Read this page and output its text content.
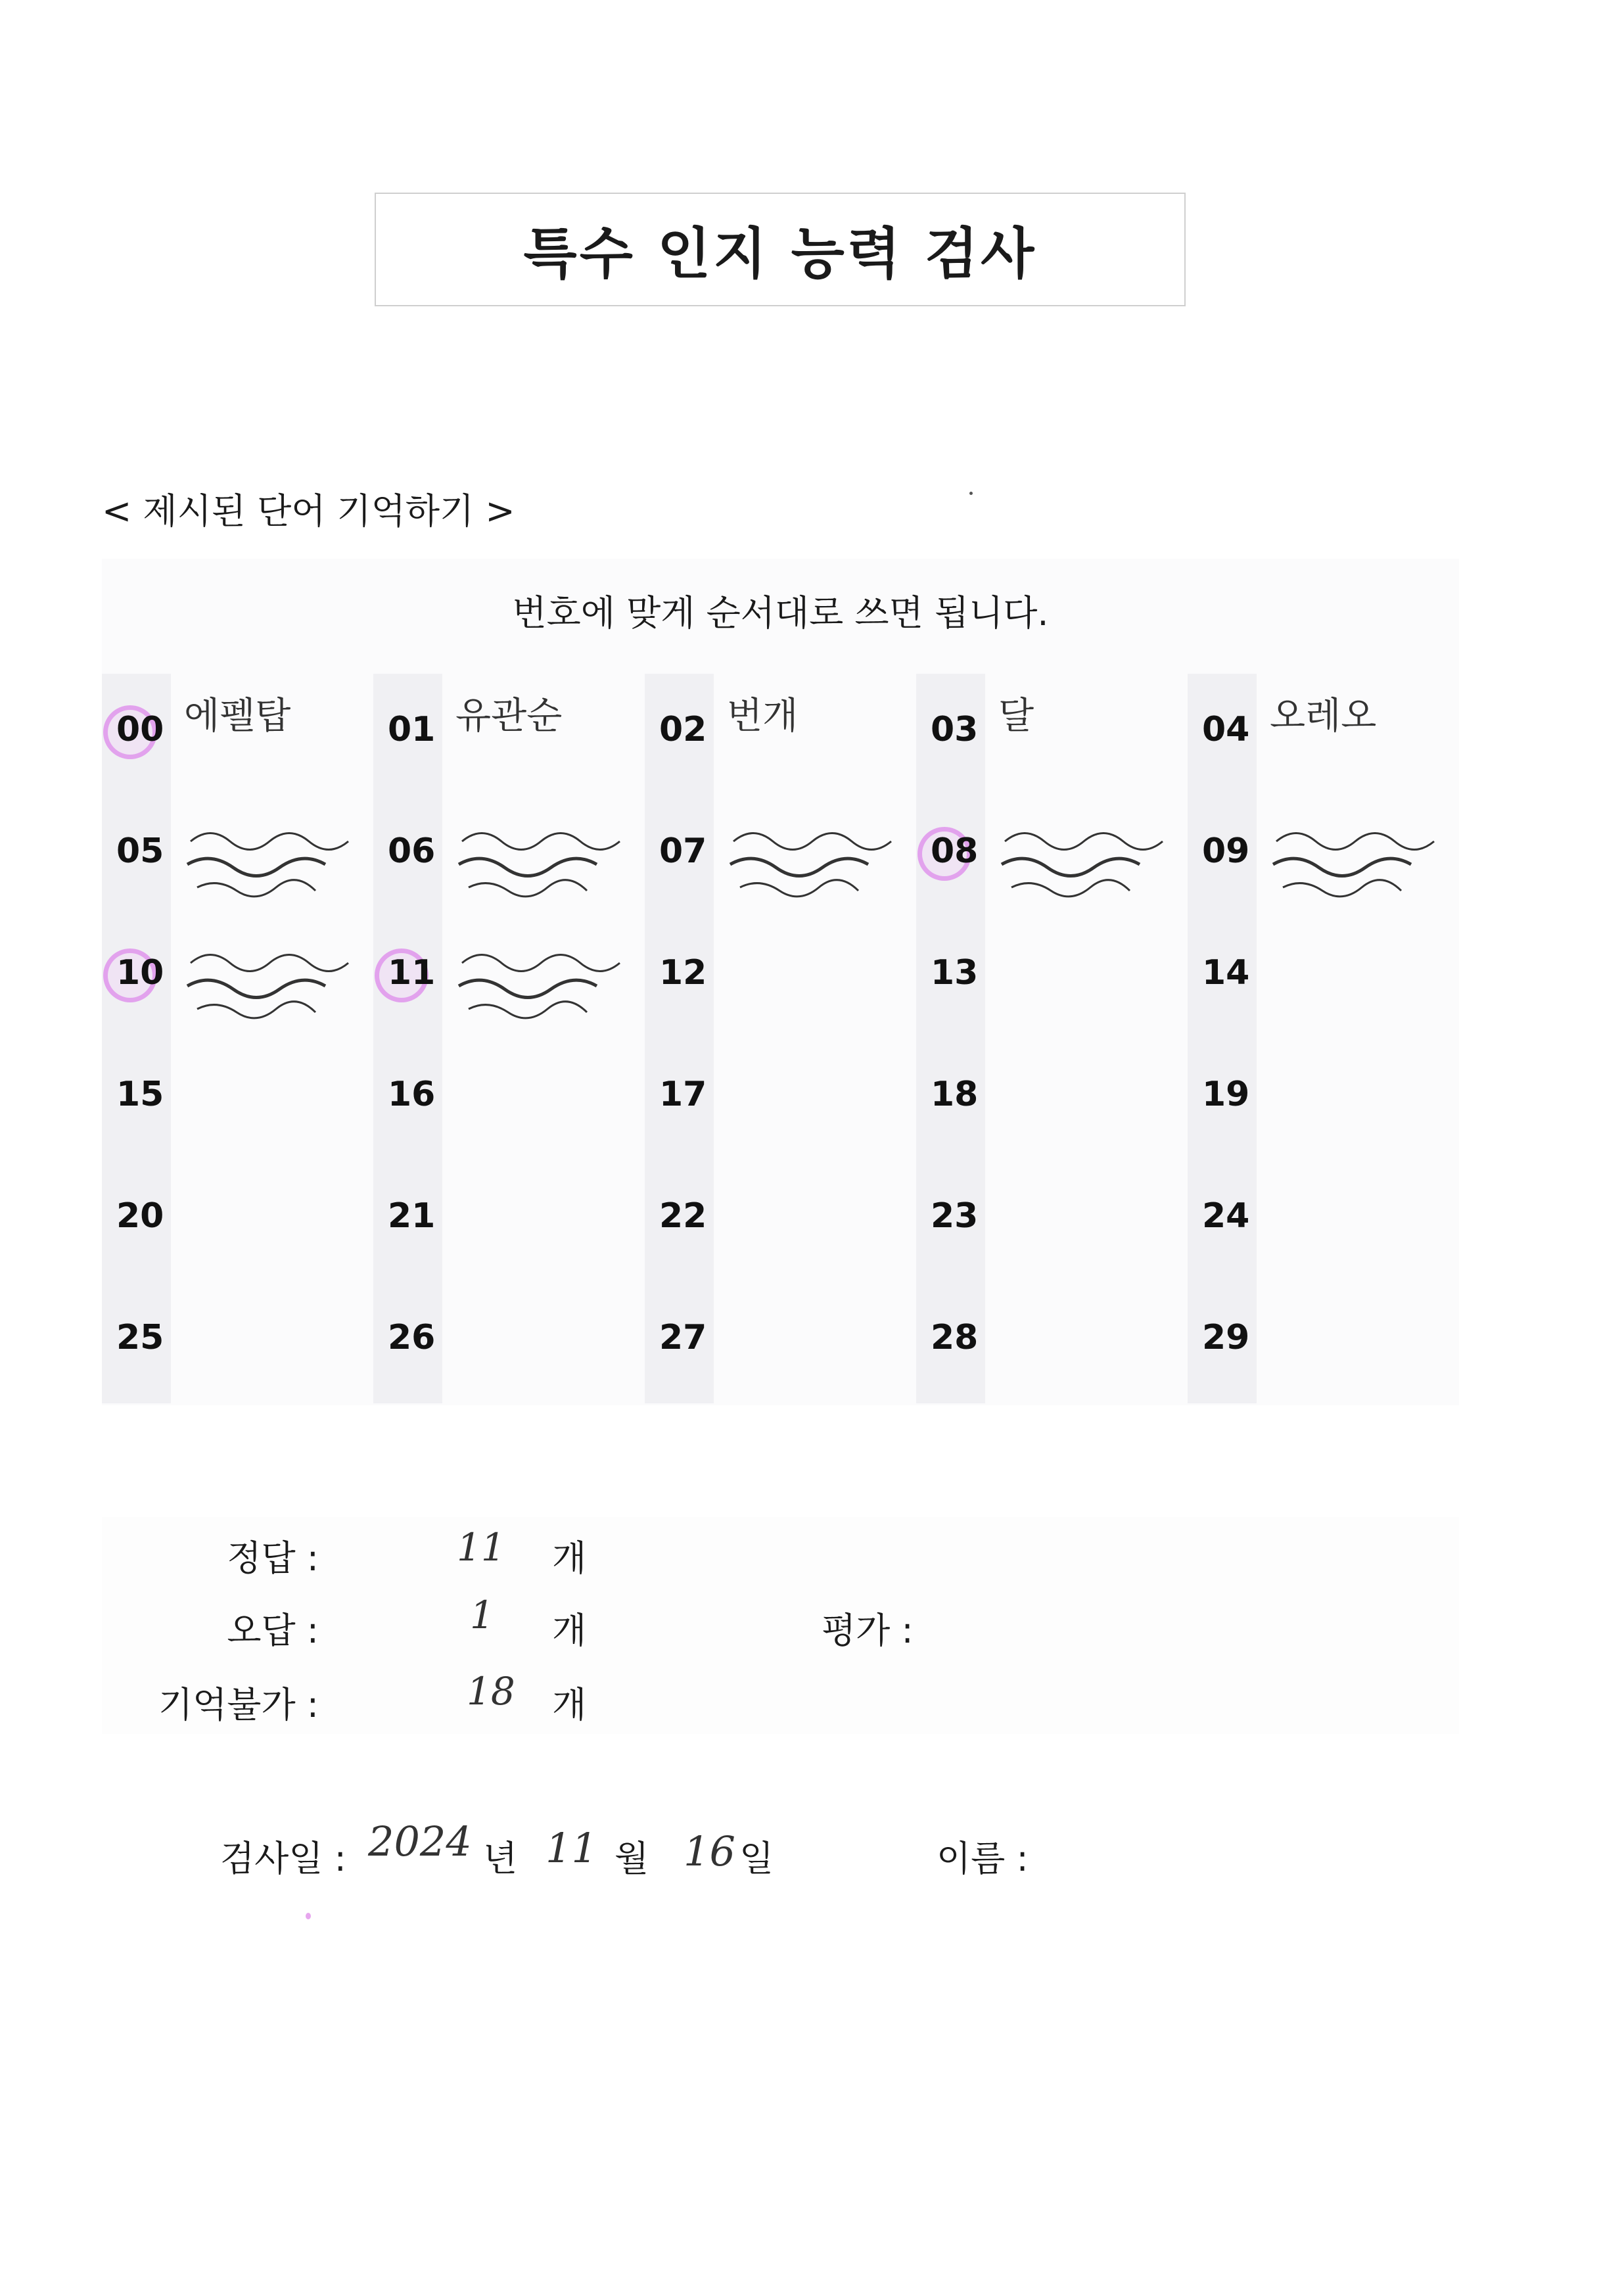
특수 인지 능력 검사
< 제시된 단어 기억하기 >
번호에 맞게 순서대로 쓰면 됩니다.
00 에펠탑	01 유관순	02 번개	03 달	04 오레오
05	06	07	08	09
10	11	12	13	14
15	16	17	18	19
20	21	22	23	24
25	26	27	28	29
정답 :	11 개
오답 :	1 개	평가 :
기억불가 :	18 개
검사일 : 2024 년 11 월 16 일	이름 :
